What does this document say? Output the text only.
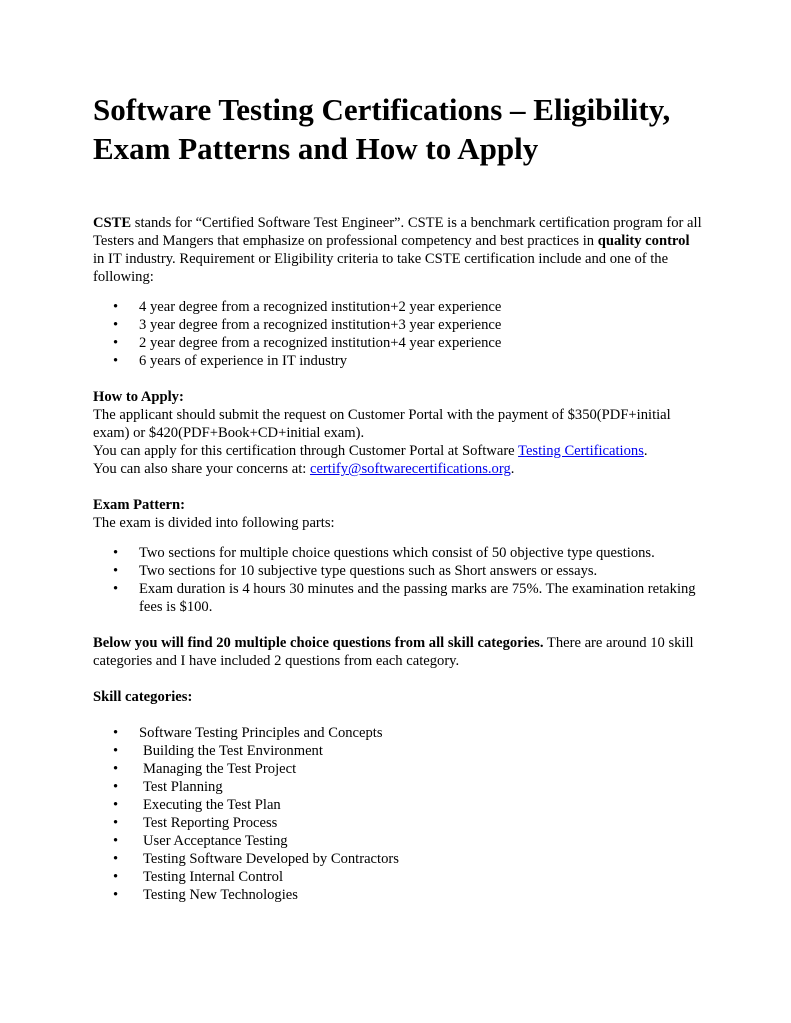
Software Testing Certifications – Eligibility,
Exam Patterns and How to Apply

CSTE stands for “Certified Software Test Engineer”. CSTE is a benchmark certification program for all Testers and Mangers that emphasize on professional competency and best practices in quality control in IT industry. Requirement or Eligibility criteria to take CSTE certification include and one of the following:

• 4 year degree from a recognized institution+2 year experience
• 3 year degree from a recognized institution+3 year experience
• 2 year degree from a recognized institution+4 year experience
• 6 years of experience in IT industry
How to Apply:
The applicant should submit the request on Customer Portal with the payment of $350(PDF+initial exam) or $420(PDF+Book+CD+initial exam).
You can apply for this certification through Customer Portal at Software Testing Certifications.
You can also share your concerns at: certify@softwarecertifications.org.
Exam Pattern:
The exam is divided into following parts:
• Two sections for multiple choice questions which consist of 50 objective type questions.
• Two sections for 10 subjective type questions such as Short answers or essays.
• Exam duration is 4 hours 30 minutes and the passing marks are 75%. The examination retaking fees is $100.

Below you will find 20 multiple choice questions from all skill categories. There are around 10 skill categories and I have included 2 questions from each category.

Skill categories:

• Software Testing Principles and Concepts
• Building the Test Environment
• Managing the Test Project
• Test Planning
• Executing the Test Plan
• Test Reporting Process
• User Acceptance Testing
• Testing Software Developed by Contractors
• Testing Internal Control
• Testing New Technologies
